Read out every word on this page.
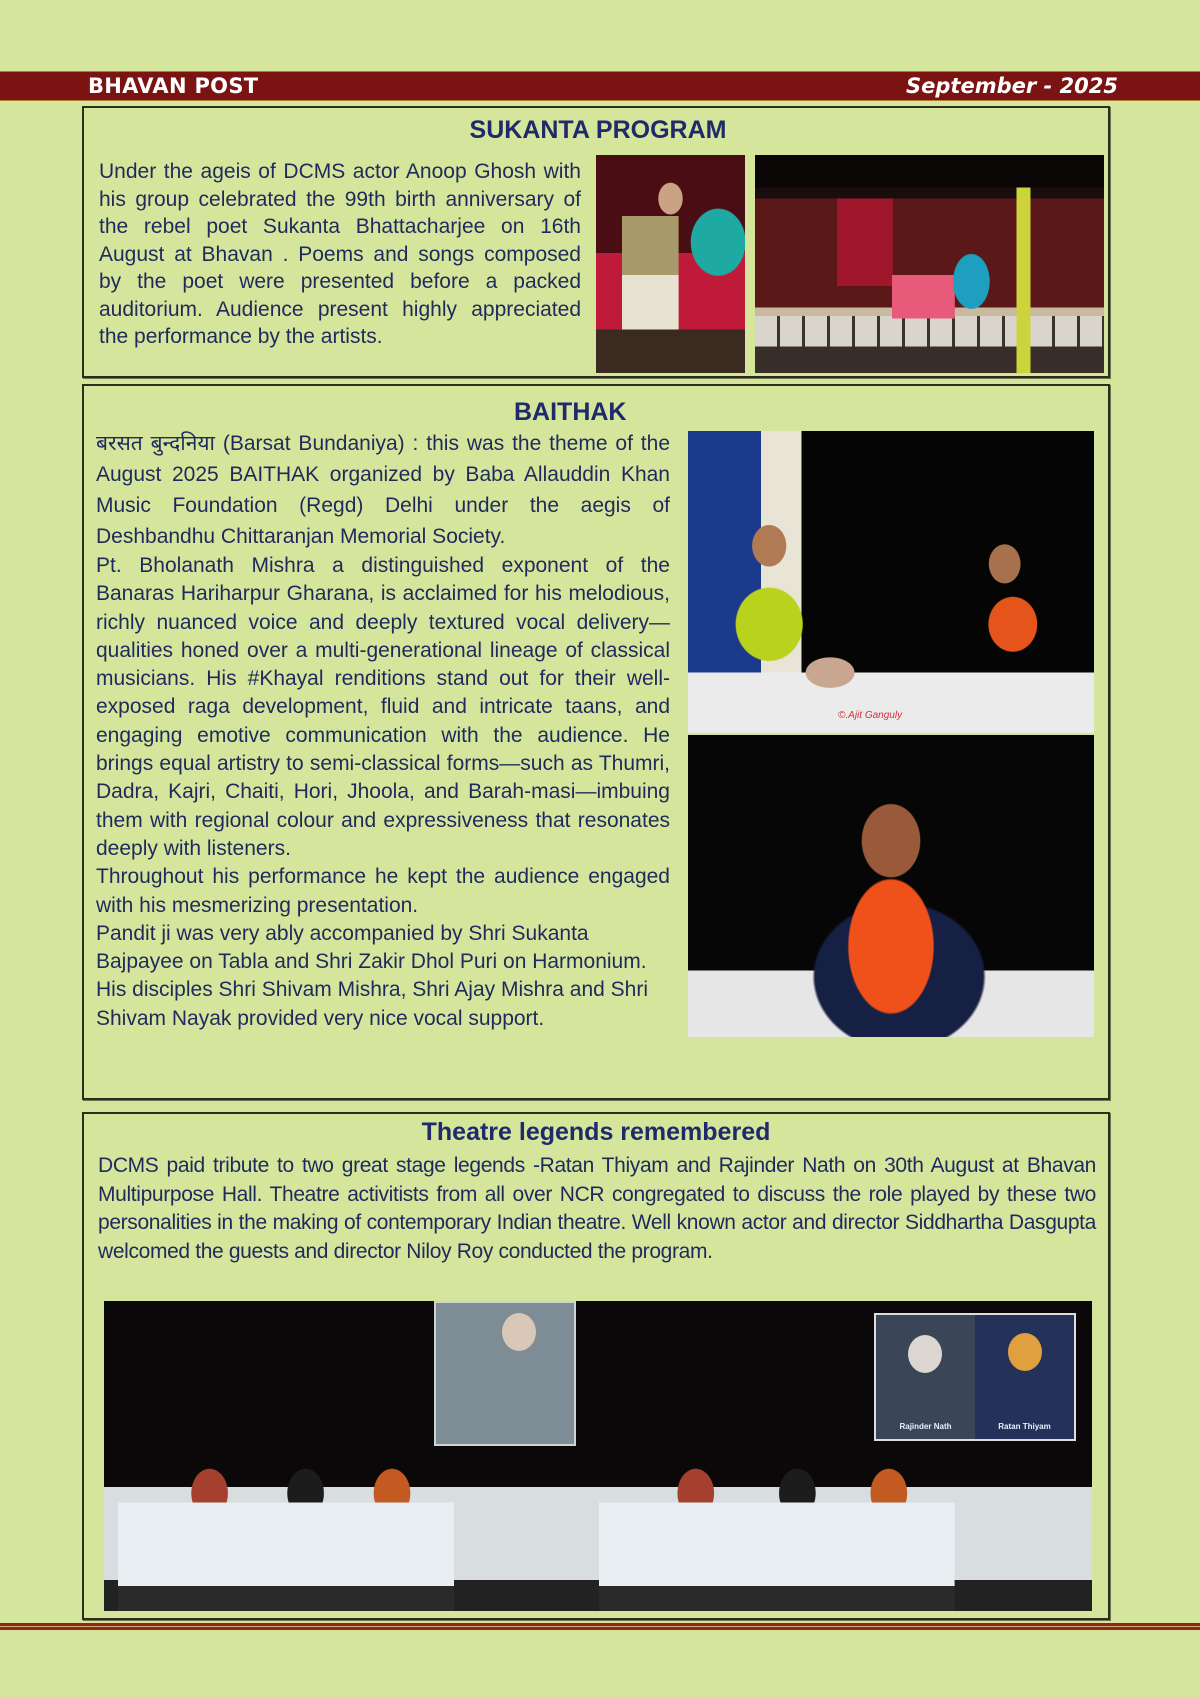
BHAVAN POST	September - 2025
SUKANTA PROGRAM
Under the ageis of DCMS actor Anoop Ghosh with his group celebrated the 99th birth anniversary of the rebel poet Sukanta Bhattacharjee on 16th August at Bhavan . Poems and songs composed by the poet were presented before a packed auditorium. Audience present highly appreciated the performance by the artists.
BAITHAK

बरसत बुन्दनिया (Barsat Bundaniya) : this was the theme of the August 2025 BAITHAK organized by Baba Allauddin Khan Music Foundation (Regd) Delhi under the aegis of Deshbandhu Chittaranjan Memorial Society.

Pt. Bholanath Mishra a distinguished exponent of the Banaras Hariharpur Gharana, is acclaimed for his melodious, richly nuanced voice and deeply textured vocal delivery—qualities honed over a multi-generational lineage of classical musicians. His #Khayal renditions stand out for their well-exposed raga development, fluid and intricate taans, and engaging emotive communication with the audience. He brings equal artistry to semi-classical forms—such as Thumri, Dadra, Kajri, Chaiti, Hori, Jhoola, and Barah-masi—imbuing them with regional colour and expressiveness that resonates deeply with listeners.

Throughout his performance he kept the audience engaged with his mesmerizing presentation.

Pandit ji was very ably accompanied by Shri Sukanta Bajpayee on Tabla and Shri Zakir Dhol Puri on Harmonium. His disciples Shri Shivam Mishra, Shri Ajay Mishra and Shri Shivam Nayak provided very nice vocal support.

©.Ajit Ganguly
Theatre legends remembered
DCMS paid tribute to two great stage legends -Ratan Thiyam and Rajinder Nath on 30th August at Bhavan Multipurpose Hall. Theatre activitists from all over NCR congregated to discuss the role played by these two personalities in the making of contemporary Indian theatre. Well known actor and director Siddhartha Dasgupta welcomed the guests and director Niloy Roy conducted the program.
Rajinder Nath	Ratan Thiyam
